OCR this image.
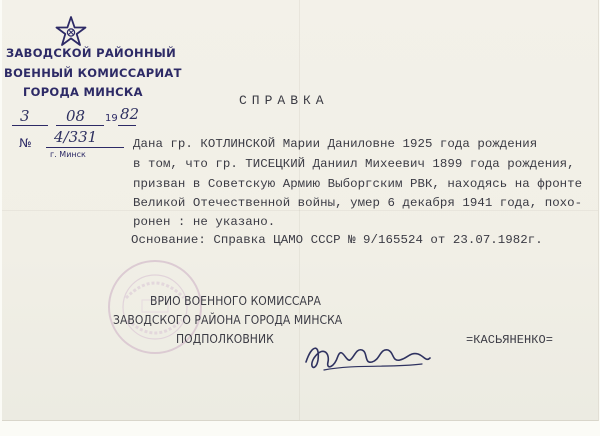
ЗАВОДСКОЙ РАЙОННЫЙ
ВОЕННЫЙ КОМИССАРИАТ
ГОРОДА МИНСКА
3 08 19 82
№ 4/331
г. Минск
СПРАВКА
Дана гр. КОТЛИНСКОЙ Марии Даниловне 1925 года рождения
в том, что гр. ТИСЕЦКИЙ Даниил Михеевич 1899 года рождения,
призван в Советскую Армию Выборгским РВК, находясь на фронте
Великой Отечественной войны, умер 6 декабря 1941 года, похо-
ронен : не указано.
Основание: Справка ЦАМО СССР № 9/165524 от 23.07.1982г.
ВРИО ВОЕННОГО КОМИССАРА
ЗАВОДСКОГО РАЙОНА ГОРОДА МИНСКА
ПОДПОЛКОВНИК	=КАСЬЯНЕНКО=
